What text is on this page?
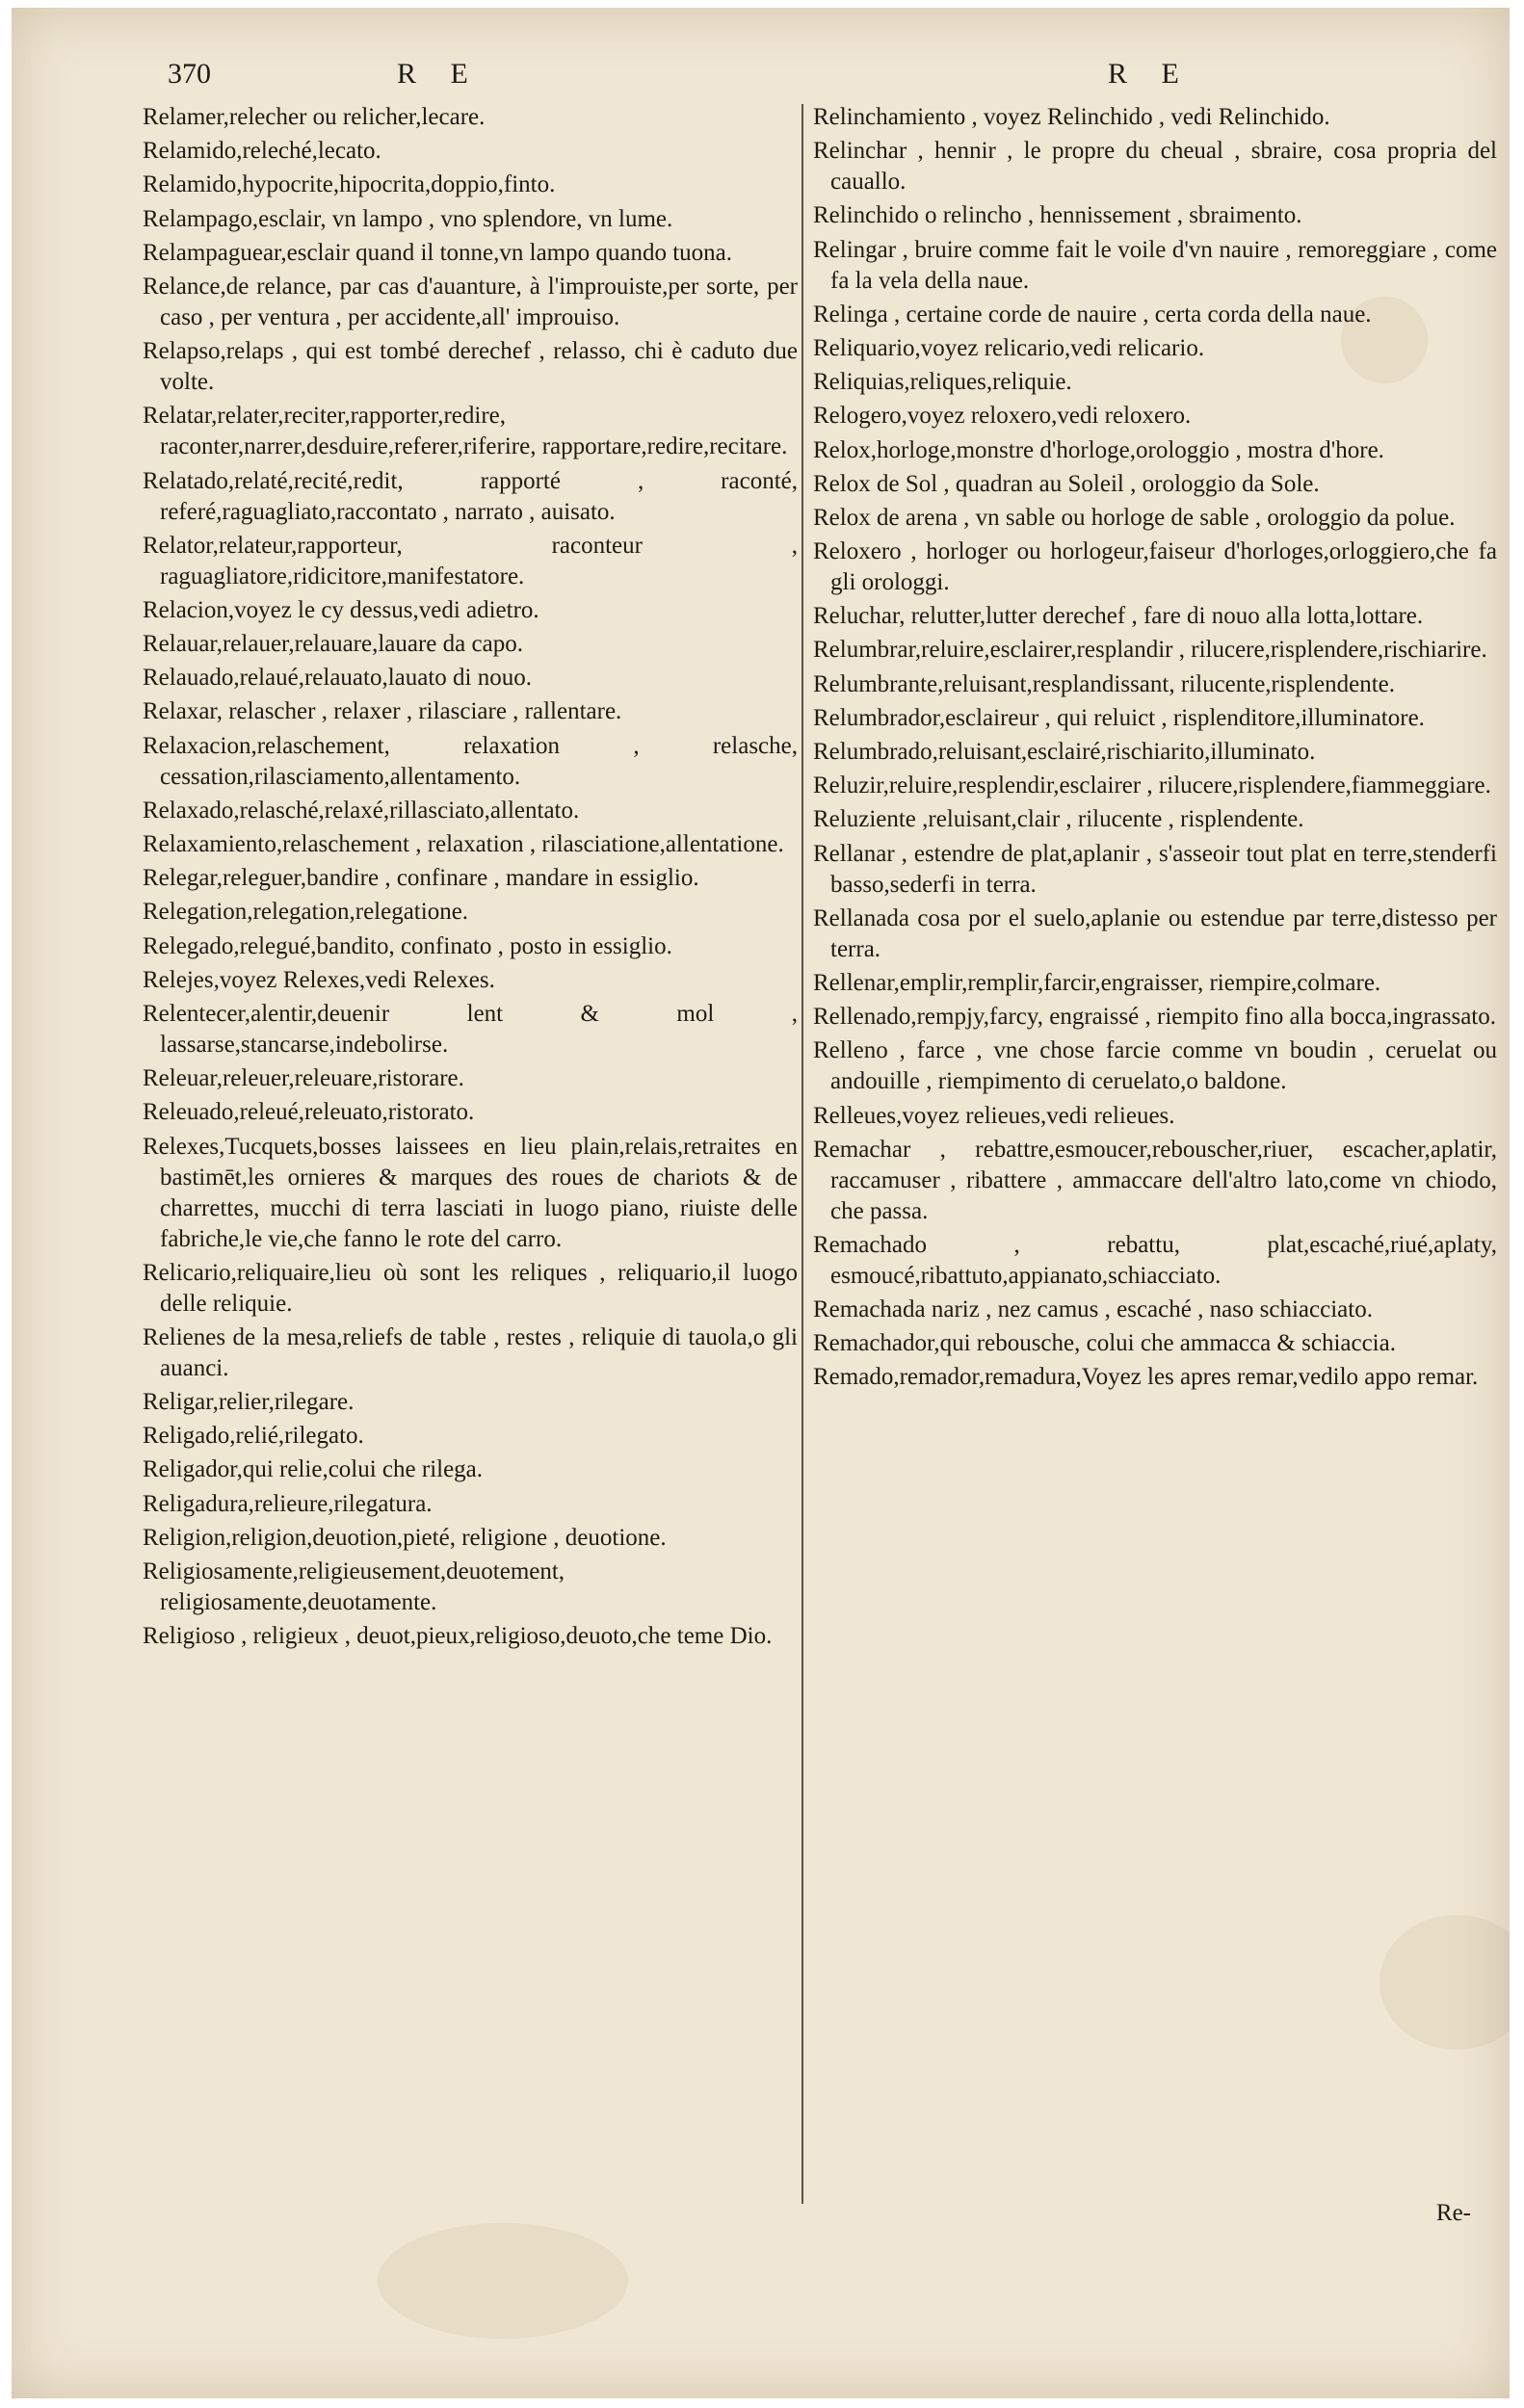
370	R E	R E

Relamer,relecher ou relicher,lecare.

Relamido,releché,lecato.

Relamido,hypocrite,hipocrita,doppio,finto.

Relampago,esclair, vn lampo , vno splendore, vn lume.

Relampaguear,esclair quand il tonne,vn lampo quando tuona.

Relance,de relance, par cas d'auanture, à l'improuiste,per sorte, per caso , per ventura , per accidente,all' improuiso.

Relapso,relaps , qui est tombé derechef , relasso, chi è caduto due volte.

Relatar,relater,reciter,rapporter,redire, raconter,narrer,desduire,referer,riferire, rapportare,redire,recitare.

Relatado,relaté,recité,redit, rapporté , raconté, referé,raguagliato,raccontato , narrato , auisato.

Relator,relateur,rapporteur, raconteur , raguagliatore,ridicitore,manifestatore.

Relacion,voyez le cy dessus,vedi adietro.

Relauar,relauer,relauare,lauare da capo.

Relauado,relaué,relauato,lauato di nouo.

Relaxar, relascher , relaxer , rilasciare , rallentare.

Relaxacion,relaschement, relaxation , relasche, cessation,rilasciamento,allentamento.

Relaxado,relasché,relaxé,rillasciato,allentato.

Relaxamiento,relaschement , relaxation , rilasciatione,allentatione.

Relegar,releguer,bandire , confinare , mandare in essiglio.

Relegation,relegation,relegatione.

Relegado,relegué,bandito, confinato , posto in essiglio.

Relejes,voyez Relexes,vedi Relexes.

Relentecer,alentir,deuenir lent & mol , lassarse,stancarse,indebolirse.

Releuar,releuer,releuare,ristorare.

Releuado,releué,releuato,ristorato.

Relexes,Tucquets,bosses laissees en lieu plain,relais,retraites en bastimēt,les ornieres & marques des roues de chariots & de charrettes, mucchi di terra lasciati in luogo piano, riuiste delle fabriche,le vie,che fanno le rote del carro.

Relicario,reliquaire,lieu où sont les reliques , reliquario,il luogo delle reliquie.

Relienes de la mesa,reliefs de table , restes , reliquie di tauola,o gli auanci.

Religar,relier,rilegare.

Religado,relié,rilegato.

Religador,qui relie,colui che rilega.

Religadura,relieure,rilegatura.

Religion,religion,deuotion,pieté, religione , deuotione.

Religiosamente,religieusement,deuotement, religiosamente,deuotamente.

Religioso , religieux , deuot,pieux,religioso,deuoto,che teme Dio.

Relinchamiento , voyez Relinchido , vedi Relinchido.

Relinchar , hennir , le propre du cheual , sbraire, cosa propria del cauallo.

Relinchido o relincho , hennissement , sbraimento.

Relingar , bruire comme fait le voile d'vn nauire , remoreggiare , come fa la vela della naue.

Relinga , certaine corde de nauire , certa corda della naue.

Reliquario,voyez relicario,vedi relicario.

Reliquias,reliques,reliquie.

Relogero,voyez reloxero,vedi reloxero.

Relox,horloge,monstre d'horloge,orologgio , mostra d'hore.

Relox de Sol , quadran au Soleil , orologgio da Sole.

Relox de arena , vn sable ou horloge de sable , orologgio da polue.

Reloxero , horloger ou horlogeur,faiseur d'horloges,orloggiero,che fa gli orologgi.

Reluchar, relutter,lutter derechef , fare di nouo alla lotta,lottare.

Relumbrar,reluire,esclairer,resplandir , rilucere,risplendere,rischiarire.

Relumbrante,reluisant,resplandissant, rilucente,risplendente.

Relumbrador,esclaireur , qui reluict , risplenditore,illuminatore.

Relumbrado,reluisant,esclairé,rischiarito,illuminato.

Reluzir,reluire,resplendir,esclairer , rilucere,risplendere,fiammeggiare.

Reluziente ,reluisant,clair , rilucente , risplendente.

Rellanar , estendre de plat,aplanir , s'asseoir tout plat en terre,stenderfi basso,sederfi in terra.

Rellanada cosa por el suelo,aplanie ou estendue par terre,distesso per terra.

Rellenar,emplir,remplir,farcir,engraisser, riempire,colmare.

Rellenado,rempjy,farcy, engraissé , riempito fino alla bocca,ingrassato.

Relleno , farce , vne chose farcie comme vn boudin , ceruelat ou andouille , riempimento di ceruelato,o baldone.

Relleues,voyez relieues,vedi relieues.

Remachar , rebattre,esmoucer,rebouscher,riuer, escacher,aplatir, raccamuser , ribattere , ammaccare dell'altro lato,come vn chiodo, che passa.

Remachado , rebattu, plat,escaché,riué,aplaty, esmoucé,ribattuto,appianato,schiacciato.

Remachada nariz , nez camus , escaché , naso schiacciato.

Remachador,qui rebousche, colui che ammacca & schiaccia.

Remado,remador,remadura,Voyez les apres remar,vedilo appo remar.

Re-
